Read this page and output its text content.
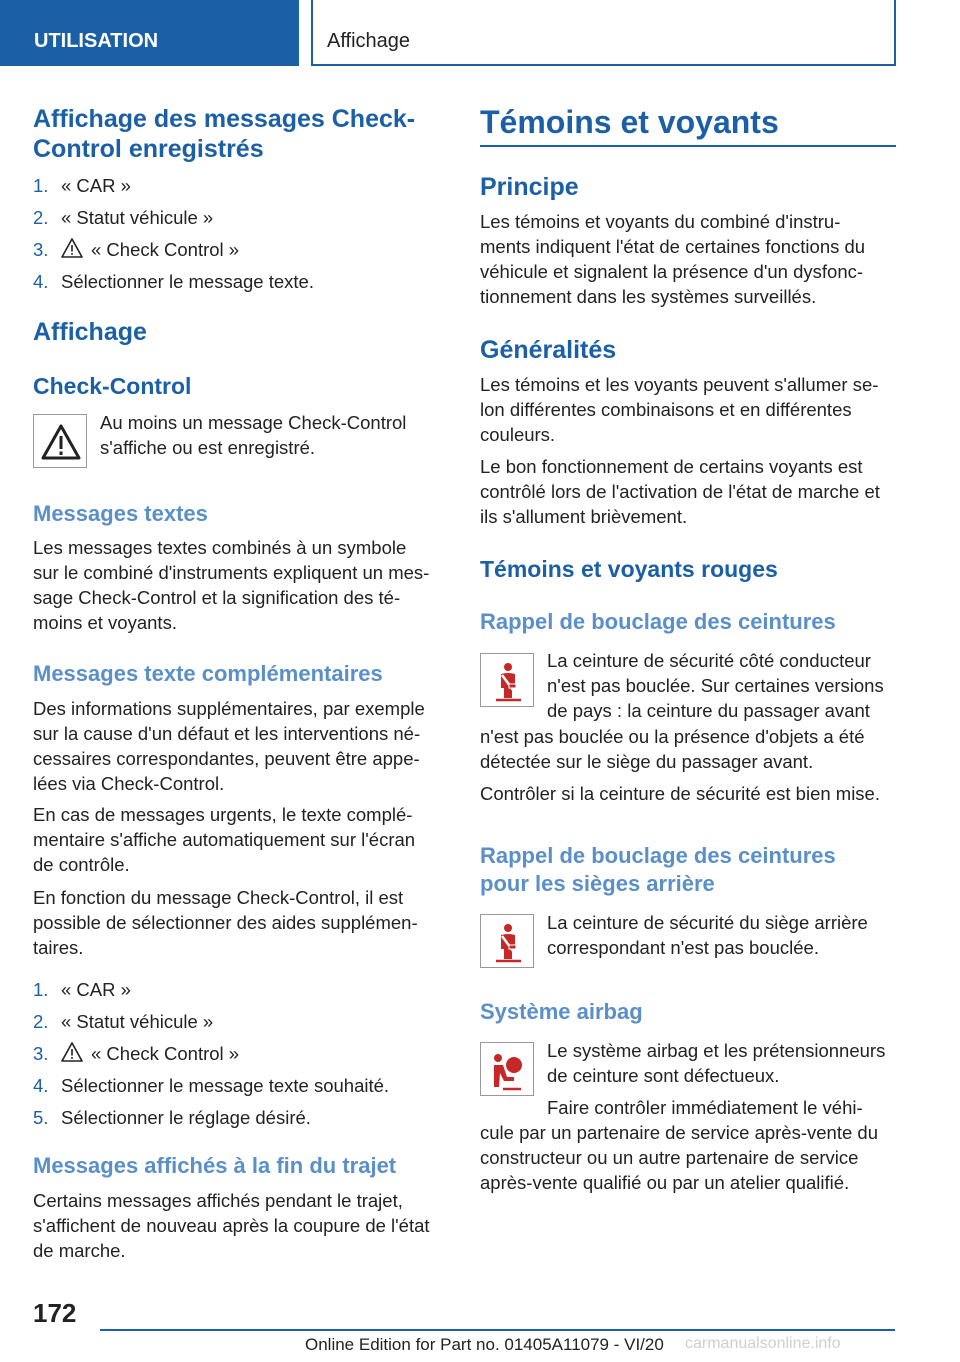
UTILISATION	Affichage
Affichage des messages Check-
Control enregistrés
1. « CAR »
2. « Statut véhicule »
3.	« Check Control »
4. Sélectionner le message texte.
Affichage
Check-Control

Au moins un message Check-Control
s'affiche ou est enregistré.

Messages textes

Les messages textes combinés à un symbole
sur le combiné d'instruments expliquent un mes-
sage Check-Control et la signification des té-
moins et voyants.

Messages texte complémentaires

Des informations supplémentaires, par exemple
sur la cause d'un défaut et les interventions né-
cessaires correspondantes, peuvent être appe-
lées via Check-Control.

En cas de messages urgents, le texte complé-
mentaire s'affiche automatiquement sur l'écran
de contrôle.

En fonction du message Check-Control, il est
possible de sélectionner des aides supplémen-
taires.

1. « CAR »
2. « Statut véhicule »
3.	« Check Control »
4. Sélectionner le message texte souhaité.
5. Sélectionner le réglage désiré.
Messages affichés à la fin du trajet

Certains messages affichés pendant le trajet,
s'affichent de nouveau après la coupure de l'état
de marche.

Témoins et voyants
Principe

Les témoins et voyants du combiné d'instru-
ments indiquent l'état de certaines fonctions du
véhicule et signalent la présence d'un dysfonc-
tionnement dans les systèmes surveillés.

Généralités

Les témoins et les voyants peuvent s'allumer se-
lon différentes combinaisons et en différentes
couleurs.

Le bon fonctionnement de certains voyants est
contrôlé lors de l'activation de l'état de marche et
ils s'allument brièvement.

Témoins et voyants rouges
Rappel de bouclage des ceintures

La ceinture de sécurité côté conducteur
n'est pas bouclée. Sur certaines versions
de pays : la ceinture du passager avant

n'est pas bouclée ou la présence d'objets a été
détectée sur le siège du passager avant.

Contrôler si la ceinture de sécurité est bien mise.

Rappel de bouclage des ceintures
pour les sièges arrière

La ceinture de sécurité du siège arrière
correspondant n'est pas bouclée.

Système airbag

Le système airbag et les prétensionneurs
de ceinture sont défectueux.

Faire contrôler immédiatement le véhi-

cule par un partenaire de service après-vente du
constructeur ou un autre partenaire de service
après-vente qualifié ou par un atelier qualifié.

172
Online Edition for Part no. 01405A11079 - VI/20 carmanualsonline.info
